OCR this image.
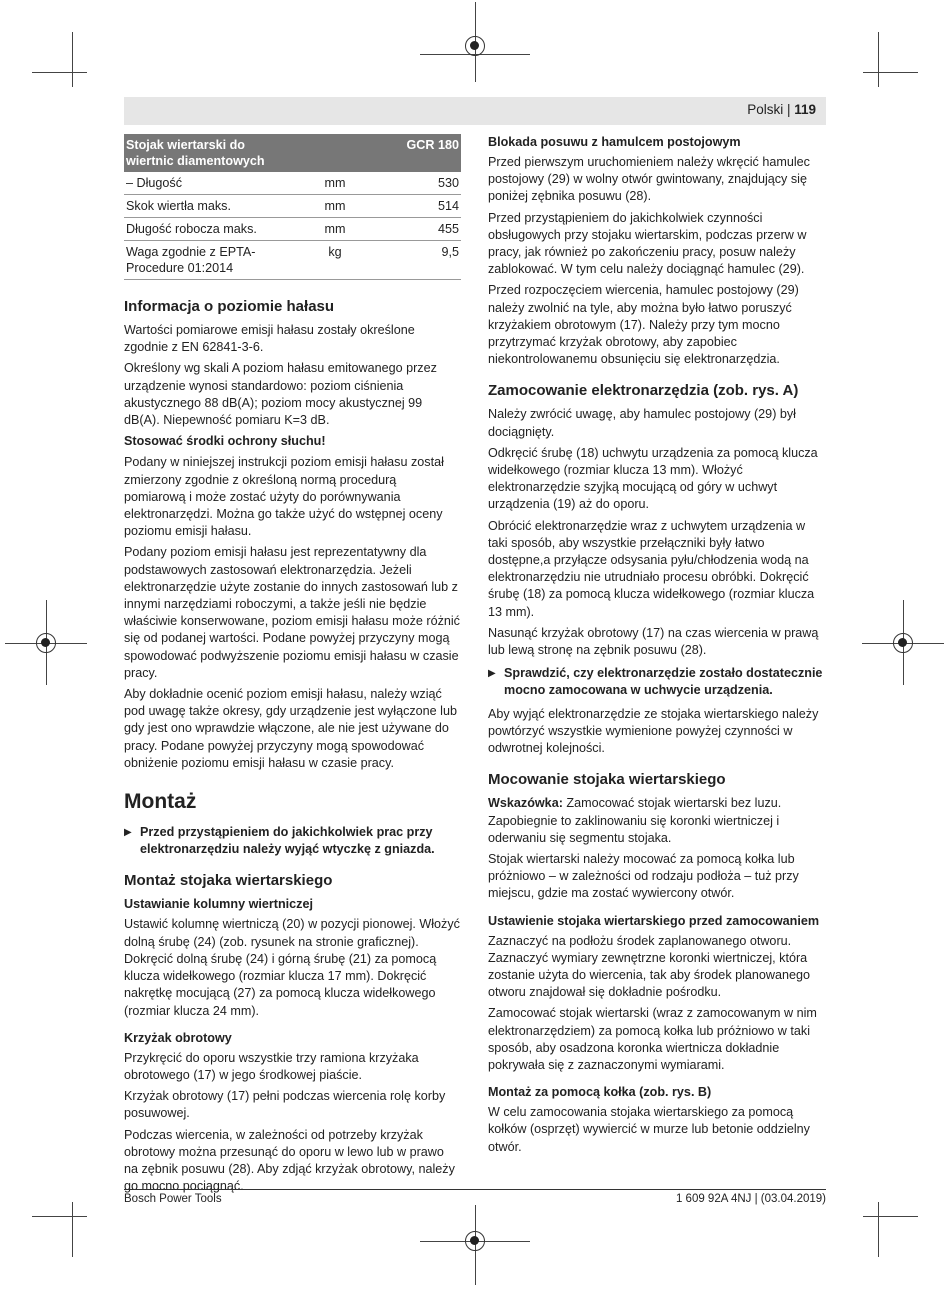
Polski | 119
Stojak wiertarski do wiertnic diamentowych		GCR 180
– Długość	mm	530
Skok wiertła maks.	mm	514
Długość robocza maks.	mm	455
Waga zgodnie z EPTA-Procedure 01:2014	kg	9,5
Informacja o poziomie hałasu

Wartości pomiarowe emisji hałasu zostały określone zgodnie z EN 62841-3-6.

Określony wg skali A poziom hałasu emitowanego przez urządzenie wynosi standardowo: poziom ciśnienia akustycznego 88 dB(A); poziom mocy akustycznej 99 dB(A). Niepewność pomiaru K=3 dB.

Stosować środki ochrony słuchu!

Podany w niniejszej instrukcji poziom emisji hałasu został zmierzony zgodnie z określoną normą procedurą pomiarową i może zostać użyty do porównywania elektronarzędzi. Można go także użyć do wstępnej oceny poziomu emisji hałasu.

Podany poziom emisji hałasu jest reprezentatywny dla podstawowych zastosowań elektronarzędzia. Jeżeli elektronarzędzie użyte zostanie do innych zastosowań lub z innymi narzędziami roboczymi, a także jeśli nie będzie właściwie konserwowane, poziom emisji hałasu może różnić się od podanej wartości. Podane powyżej przyczyny mogą spowodować podwyższenie poziomu emisji hałasu w czasie pracy.

Aby dokładnie ocenić poziom emisji hałasu, należy wziąć pod uwagę także okresy, gdy urządzenie jest wyłączone lub gdy jest ono wprawdzie włączone, ale nie jest używane do pracy. Podane powyżej przyczyny mogą spowodować obniżenie poziomu emisji hałasu w czasie pracy.

Montaż

▶ Przed przystąpieniem do jakichkolwiek prac przy elektronarzędziu należy wyjąć wtyczkę z gniazda.

Montaż stojaka wiertarskiego
Ustawianie kolumny wiertniczej

Ustawić kolumnę wiertniczą (20) w pozycji pionowej. Włożyć dolną śrubę (24) (zob. rysunek na stronie graficznej). Dokręcić dolną śrubę (24) i górną śrubę (21) za pomocą klucza widełkowego (rozmiar klucza 17 mm). Dokręcić nakrętkę mocującą (27) za pomocą klucza widełkowego (rozmiar klucza 24 mm).

Krzyżak obrotowy

Przykręcić do oporu wszystkie trzy ramiona krzyżaka obrotowego (17) w jego środkowej piaście.

Krzyżak obrotowy (17) pełni podczas wiercenia rolę korby posuwowej.

Podczas wiercenia, w zależności od potrzeby krzyżak obrotowy można przesunąć do oporu w lewo lub w prawo na zębnik posuwu (28). Aby zdjąć krzyżak obrotowy, należy go mocno pociągnąć.

Blokada posuwu z hamulcem postojowym

Przed pierwszym uruchomieniem należy wkręcić hamulec postojowy (29) w wolny otwór gwintowany, znajdujący się poniżej zębnika posuwu (28).

Przed przystąpieniem do jakichkolwiek czynności obsługowych przy stojaku wiertarskim, podczas przerw w pracy, jak również po zakończeniu pracy, posuw należy zablokować. W tym celu należy dociągnąć hamulec (29).

Przed rozpoczęciem wiercenia, hamulec postojowy (29) należy zwolnić na tyle, aby można było łatwo poruszyć krzyżakiem obrotowym (17). Należy przy tym mocno przytrzymać krzyżak obrotowy, aby zapobiec niekontrolowanemu obsunięciu się elektronarzędzia.

Zamocowanie elektronarzędzia (zob. rys. A)

Należy zwrócić uwagę, aby hamulec postojowy (29) był dociągnięty.

Odkręcić śrubę (18) uchwytu urządzenia za pomocą klucza widełkowego (rozmiar klucza 13 mm). Włożyć elektronarzędzie szyjką mocującą od góry w uchwyt urządzenia (19) aż do oporu.

Obrócić elektronarzędzie wraz z uchwytem urządzenia w taki sposób, aby wszystkie przełączniki były łatwo dostępne,a przyłącze odsysania pyłu/chłodzenia wodą na elektronarzędziu nie utrudniało procesu obróbki. Dokręcić śrubę (18) za pomocą klucza widełkowego (rozmiar klucza 13 mm).

Nasunąć krzyżak obrotowy (17) na czas wiercenia w prawą lub lewą stronę na zębnik posuwu (28).

▶ Sprawdzić, czy elektronarzędzie zostało dostatecznie mocno zamocowana w uchwycie urządzenia.

Aby wyjąć elektronarzędzie ze stojaka wiertarskiego należy powtórzyć wszystkie wymienione powyżej czynności w odwrotnej kolejności.

Mocowanie stojaka wiertarskiego

Wskazówka: Zamocować stojak wiertarski bez luzu. Zapobiegnie to zaklinowaniu się koronki wiertniczej i oderwaniu się segmentu stojaka.

Stojak wiertarski należy mocować za pomocą kołka lub próżniowo – w zależności od rodzaju podłoża – tuż przy miejscu, gdzie ma zostać wywiercony otwór.

Ustawienie stojaka wiertarskiego przed zamocowaniem

Zaznaczyć na podłożu środek zaplanowanego otworu. Zaznaczyć wymiary zewnętrzne koronki wiertniczej, która zostanie użyta do wiercenia, tak aby środek planowanego otworu znajdował się dokładnie pośrodku.

Zamocować stojak wiertarski (wraz z zamocowanym w nim elektronarzędziem) za pomocą kołka lub próżniowo w taki sposób, aby osadzona koronka wiertnicza dokładnie pokrywała się z zaznaczonymi wymiarami.

Montaż za pomocą kołka (zob. rys. B)

W celu zamocowania stojaka wiertarskiego za pomocą kołków (osprzęt) wywiercić w murze lub betonie oddzielny otwór.

Bosch Power Tools	1 609 92A 4NJ | (03.04.2019)
